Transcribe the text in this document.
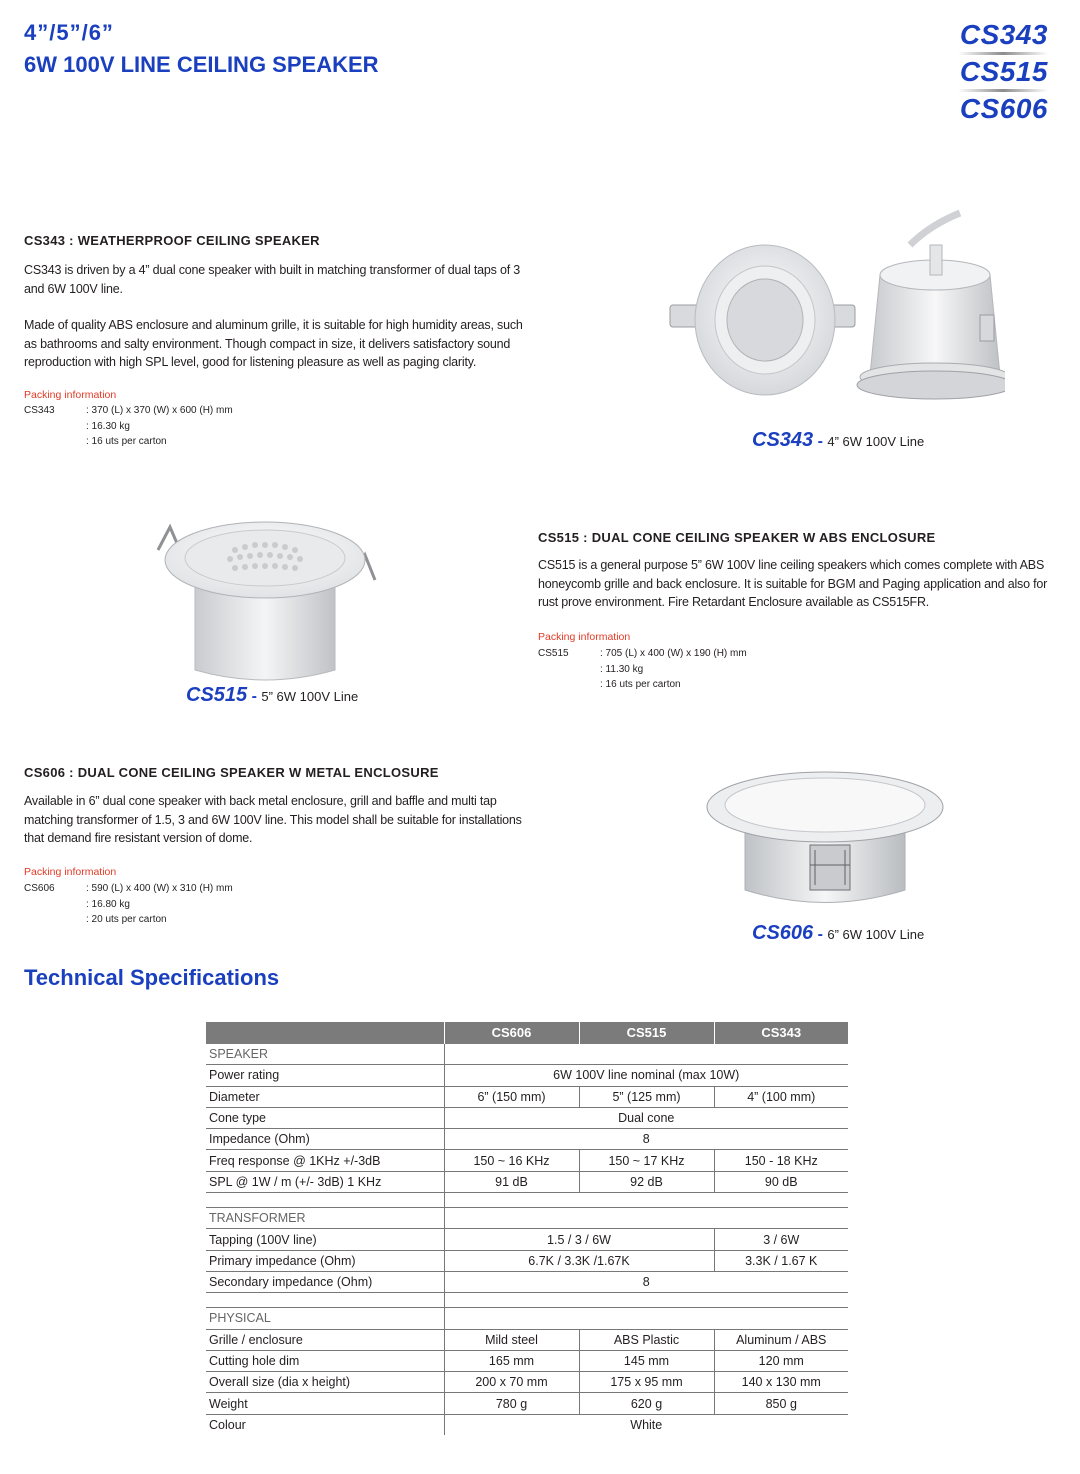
4”/5”/6”
6W 100V LINE CEILING SPEAKER
CS343
CS515
CS606
CS343 : WEATHERPROOF CEILING SPEAKER
CS343 is driven by a 4” dual cone speaker with built in matching transformer of dual taps of 3
and 6W 100V line.
Made of quality ABS enclosure and aluminum grille, it is suitable for high humidity areas, such
as bathrooms and salty environment. Though compact in size, it delivers satisfactory sound
reproduction with high SPL level, good for listening pleasure as well as paging clarity.
Packing information
CS343	: 370 (L) x 370 (W) x 600 (H) mm
: 16.30 kg
: 16 uts per carton	CS343 - 4” 6W 100V Line
CS515 - 5” 6W 100V Line
CS515 : DUAL CONE CEILING SPEAKER W ABS ENCLOSURE
CS515 is a general purpose 5” 6W 100V line ceiling speakers which comes complete with ABS
honeycomb grille and back enclosure. It is suitable for BGM and Paging application and also for
rust prove environment. Fire Retardant Enclosure available as CS515FR.
Packing information
CS515	: 705 (L) x 400 (W) x 190 (H) mm
: 11.30 kg
: 16 uts per carton
CS606 : DUAL CONE CEILING SPEAKER W METAL ENCLOSURE
Available in 6” dual cone speaker with back metal enclosure, grill and baffle and multi tap
matching transformer of 1.5, 3 and 6W 100V line. This model shall be suitable for installations
that demand fire resistant version of dome.
Packing information
CS606	: 590 (L) x 400 (W) x 310 (H) mm
: 16.80 kg
: 20 uts per carton
CS606 - 6” 6W 100V Line
Technical Specifications
	CS606	CS515	CS343
SPEAKER			
Power rating	6W 100V line nominal (max 10W)		
Diameter	6” (150 mm)	5” (125 mm)	4” (100 mm)
Cone type	Dual cone		
Impedance (Ohm)	8		
Freq response @ 1KHz +/-3dB	150 ~ 16 KHz	150 ~ 17 KHz	150 - 18 KHz
SPL @ 1W / m (+/- 3dB) 1 KHz	91 dB	92 dB	90 dB

TRANSFORMER			
Tapping (100V line)	1.5 / 3 / 6W		3 / 6W
Primary impedance (Ohm)	6.7K / 3.3K /1.67K		3.3K / 1.67 K
Secondary impedance (Ohm)	8		

PHYSICAL			
Grille / enclosure	Mild steel	ABS Plastic	Aluminum / ABS
Cutting hole dim	165 mm	145 mm	120 mm
Overall size (dia x height)	200 x 70 mm	175 x 95 mm	140 x 130 mm
Weight	780 g	620 g	850 g
Colour	White		
